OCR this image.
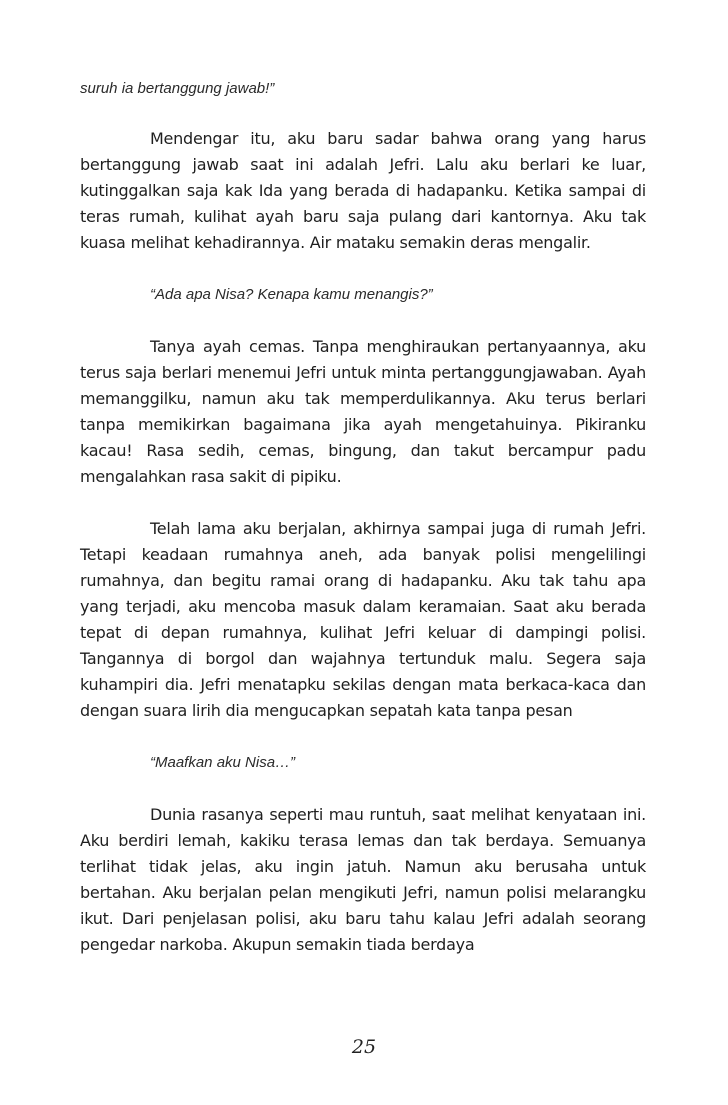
suruh ia bertanggung jawab!”

Mendengar itu, aku baru sadar bahwa orang yang harus bertanggung jawab saat ini adalah Jefri. Lalu aku berlari ke luar, kutinggalkan saja kak Ida yang berada di hadapanku. Ketika sampai di teras rumah, kulihat ayah baru saja pulang dari kantornya. Aku tak kuasa melihat kehadirannya. Air mataku semakin deras mengalir.

“Ada apa Nisa? Kenapa kamu menangis?”

Tanya ayah cemas. Tanpa menghiraukan pertanyaannya, aku terus saja berlari menemui Jefri untuk minta pertanggungjawaban. Ayah memanggilku, namun aku tak memperdulikannya. Aku terus berlari tanpa memikirkan bagaimana jika ayah mengetahuinya. Pikiranku kacau! Rasa sedih, cemas, bingung, dan takut bercampur padu mengalahkan rasa sakit di pipiku.

Telah lama aku berjalan, akhirnya sampai juga di rumah Jefri. Tetapi keadaan rumahnya aneh, ada banyak polisi mengelilingi rumahnya, dan begitu ramai orang di hadapanku. Aku tak tahu apa yang terjadi, aku mencoba masuk dalam keramaian. Saat aku berada tepat di depan rumahnya, kulihat Jefri keluar di dampingi polisi. Tangannya di borgol dan wajahnya tertunduk malu. Segera saja kuhampiri dia. Jefri menatapku sekilas dengan mata berkaca-kaca dan dengan suara lirih dia mengucapkan sepatah kata tanpa pesan

“Maafkan aku Nisa…”

Dunia rasanya seperti mau runtuh, saat melihat kenyataan ini. Aku berdiri lemah, kakiku terasa lemas dan tak berdaya. Semuanya terlihat tidak jelas, aku ingin jatuh. Namun aku berusaha untuk bertahan. Aku berjalan pelan mengikuti Jefri, namun polisi melarangku ikut. Dari penjelasan polisi, aku baru tahu kalau Jefri adalah seorang pengedar narkoba. Akupun semakin tiada berdaya

25
